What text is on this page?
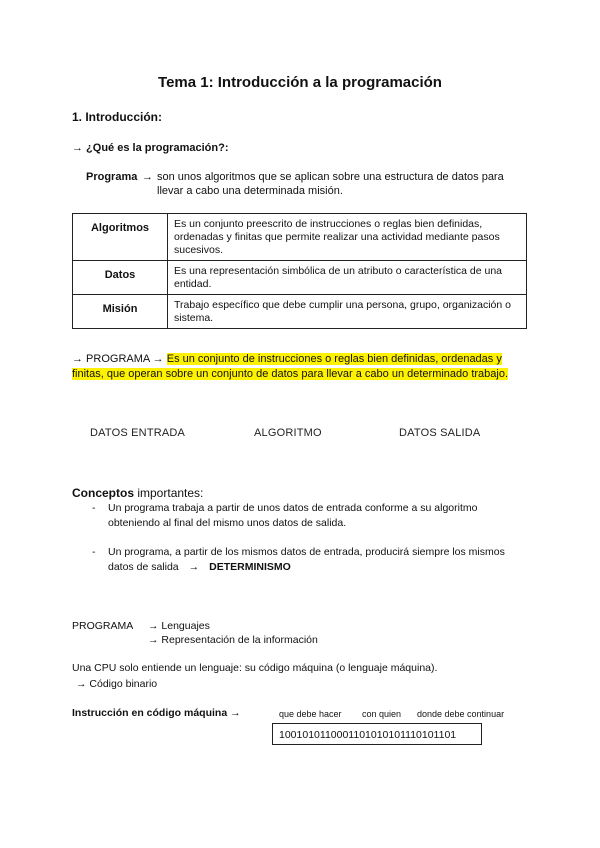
Tema 1: Introducción a la programación
1. Introducción:
→ ¿Qué es la programación?:
Programa → son unos algoritmos que se aplican sobre una estructura de datos para
llevar a cabo una determinada misión.
Algoritmos	Es un conjunto preescrito de instrucciones o reglas bien definidas, ordenadas y finitas que permite realizar una actividad mediante pasos sucesivos.
Datos	Es una representación simbólica de un atributo o característica de una entidad.
Misión	Trabajo específico que debe cumplir una persona, grupo, organización o sistema.
→ PROGRAMA → Es un conjunto de instrucciones o reglas bien definidas, ordenadas y
finitas, que operan sobre un conjunto de datos para llevar a cabo un determinado trabajo.
DATOS ENTRADA	ALGORITMO	DATOS SALIDA
Conceptos importantes:
- Un programa trabaja a partir de unos datos de entrada conforme a su algoritmo
obteniendo al final del mismo unos datos de salida.
- Un programa, a partir de los mismos datos de entrada, producirá siempre los mismos
datos de salida → DETERMINISMO
PROGRAMA → Lenguajes
→ Representación de la información
Una CPU solo entiende un lenguaje: su código máquina (o lenguaje máquina).
→ Código binario
Instrucción en código máquina →	que debe hacer con quien donde debe continuar
1001010110001101010101110101101
